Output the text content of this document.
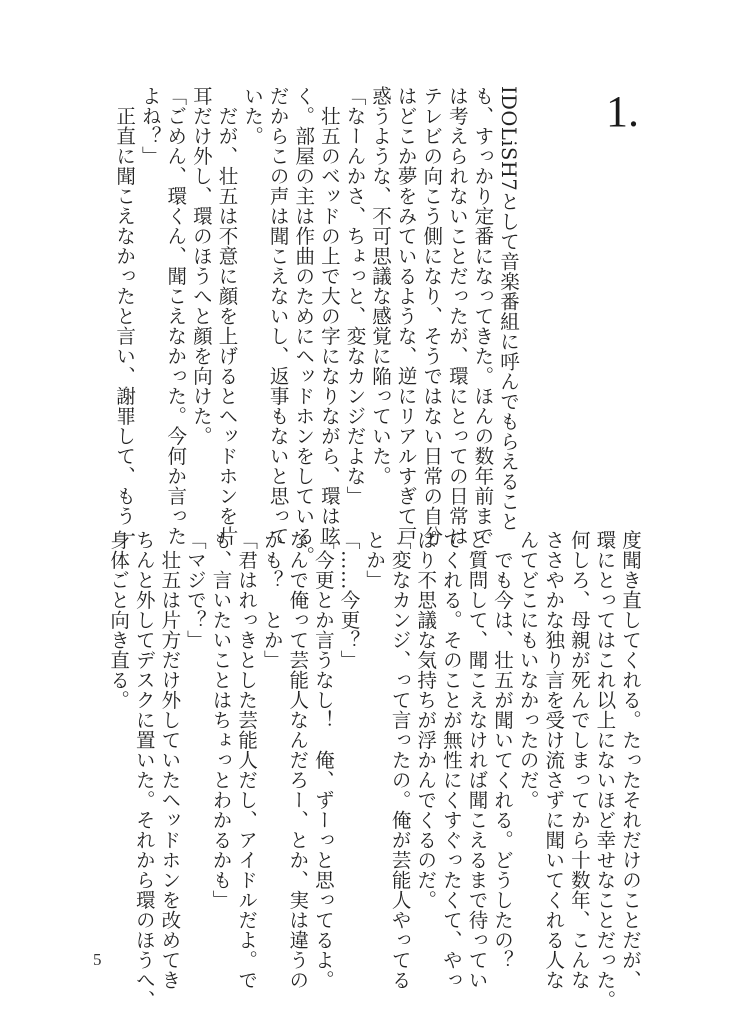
1.
IDOLiSH7として音楽番組に呼んでもらえること
も、すっかり定番になってきた。ほんの数年前まで
は考えられないことだったが、環にとっての日常は
テレビの向こう側になり、そうではない日常の自分
はどこか夢をみているような、逆にリアルすぎて戸
惑うような、不可思議な感覚に陥っていた。
「なーんかさ、ちょっと、変なカンジだよな」
　壮五のベッドの上で大の字になりながら、環は呟
く。部屋の主は作曲のためにヘッドホンをしている。
だからこの声は聞こえないし、返事もないと思って
いた。
　だが、壮五は不意に顔を上げるとヘッドホンを片
耳だけ外し、環のほうへと顔を向けた。
「ごめん、環くん、聞こえなかった。今何か言った
よね？」
　正直に聞こえなかったと言い、謝罪して、もう一
度聞き直してくれる。たったそれだけのことだが、
環にとってはこれ以上にないほど幸せなことだった。
何しろ、母親が死んでしまってから十数年、こんな
ささやかな独り言を受け流さずに聞いてくれる人な
んてどこにもいなかったのだ。
　でも今は、壮五が聞いてくれる。どうしたの？
と質問して、聞こえなければ聞こえるまで待ってい
てくれる。そのことが無性にくすぐったくて、やっ
ぱり不思議な気持ちが浮かんでくるのだ。
「変なカンジ、って言ったの。俺が芸能人やってる
とか」
「……今更？」
「今更とか言うなし！　俺、ずーっと思ってるよ。
なんで俺って芸能人なんだろー、とか、実は違うの
かも？　とか」
「君はれっきとした芸能人だし、アイドルだよ。で
も、言いたいことはちょっとわかるかも」
「マジで？」
　壮五は片方だけ外していたヘッドホンを改めてき
ちんと外してデスクに置いた。それから環のほうへ、
身体ごと向き直る。
5
